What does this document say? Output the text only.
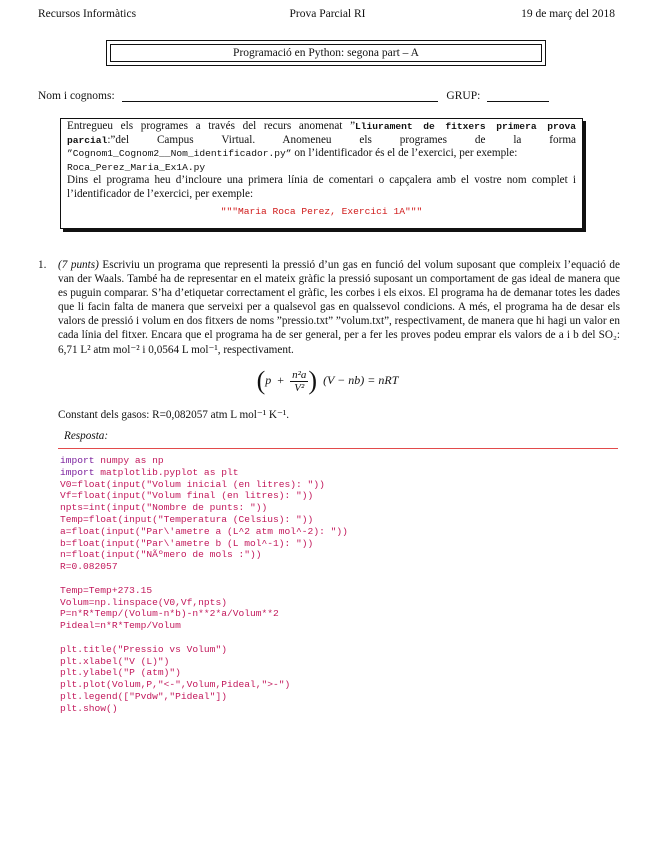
Recursos Informàtics	Prova Parcial RI	19 de març del 2018
Programació en Python: segona part – A
Nom i cognoms:	GRUP:
Entregueu els programes a través del recurs anomenat ”Lliurament de fitxers primera prova parcial:”del Campus Virtual. Anomeneu els programes de la forma ”Cognom1_Cognom2__Nom_identificador.py” on l’identificador és el de l’exercici, per exemple:
Roca_Perez_Maria_Ex1A.py
Dins el programa heu d’incloure una primera línia de comentari o capçalera amb el vostre nom complet i l’identificador de l’exercici, per exemple:
"""Maria Roca Perez, Exercici 1A"""
1. (7 punts) Escriviu un programa que representi la pressió d’un gas en funció del volum suposant que compleix l’equació de van der Waals. També ha de representar en el mateix gràfic la pressió suposant un comportament de gas ideal de manera que es puguin comparar. S’ha d’etiquetar correctament el gràfic, les corbes i els eixos. El programa ha de demanar totes les dades que li facin falta de manera que serveixi per a qualsevol gas en qualssevol condicions. A més, el programa ha de desar els valors de pressió i volum en dos fitxers de noms ”pressio.txt” ”volum.txt”, respectivament, de manera que hi hagi un valor en cada línia del fitxer. Encara que el programa ha de ser general, per a fer les proves podeu emprar els valors de a i b del SO₂: 6,71 L² atm mol⁻² i 0,0564 L mol⁻¹, respectivament.
($p + \frac{\text{n²a}}{\text{V²}}$ ) (V − nb) = nRT
Constant dels gasos: R=0,082057 atm L mol⁻¹ K⁻¹.
Resposta:
import numpy as np
import matplotlib.pyplot as plt
V0=float(input("Volum inicial (en litres): "))
Vf=float(input("Volum final (en litres): "))
npts=int(input("Nombre de punts: "))
Temp=float(input("Temperatura (Celsius): "))
a=float(input("Par\'ametre a (L^2 atm mol^-2): "))
b=float(input("Par\'ametre b (L mol^-1): "))
n=float(input("NÃºmero de mols :"))
R=0.082057
Temp=Temp+273.15
Volum=np.linspace(V0,Vf,npts)
P=n*R*Temp/(Volum-n*b)-n**2*a/Volum**2
Pideal=n*R*Temp/Volum
plt.title("Pressio vs Volum")
plt.xlabel("V (L)")
plt.ylabel("P (atm)")
plt.plot(Volum,P,"<-",Volum,Pideal,">-")
plt.legend(["Pvdw","Pideal"])
plt.show()
